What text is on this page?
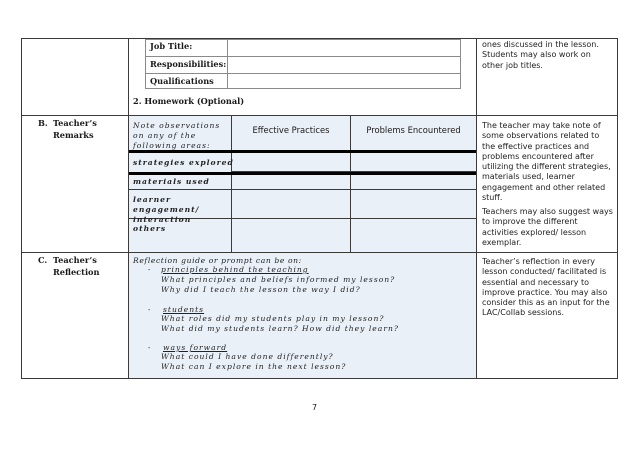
Job Title:
Responsibilities:
Qualifications
2. Homework (Optional)
ones discussed in the lesson. Students may also work on other job titles.
B. Teacher’s
Remarks
Note observations on any of the following areas:
Effective Practices	Problems Encountered
strategies explored
materials used
learner engagement/ interaction
others
The teacher may take note of some observations related to the effective practices and problems encountered after utilizing the different strategies, materials used, learner engagement and other related stuff.
Teachers may also suggest ways to improve the different activities explored/ lesson exemplar.
C. Teacher’s
Reflection
Reflection guide or prompt can be on:
- principles behind the teaching
What principles and beliefs informed my lesson?
Why did I teach the lesson the way I did?
- students
What roles did my students play in my lesson?
What did my students learn? How did they learn?
- ways forward
What could I have done differently?
What can I explore in the next lesson?
Teacher’s reflection in every lesson conducted/ facilitated is essential and necessary to improve practice. You may also consider this as an input for the LAC/Collab sessions.
7
